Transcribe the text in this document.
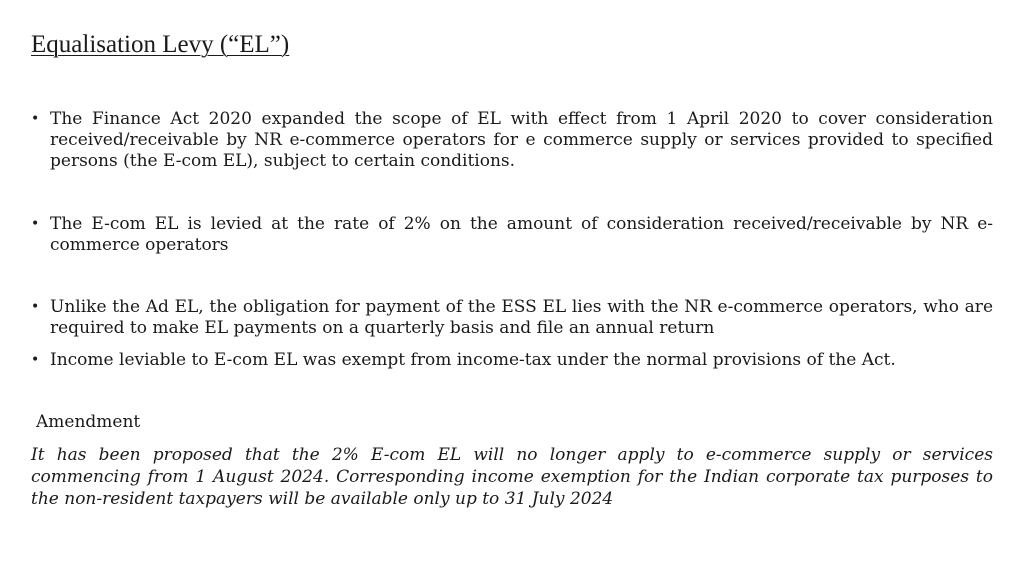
Equalisation Levy (“EL”)
• The Finance Act 2020 expanded the scope of EL with effect from 1 April 2020 to cover consideration received/receivable by NR e-commerce operators for e commerce supply or services provided to specified persons (the E-com EL), subject to certain conditions.
• The E-com EL is levied at the rate of 2% on the amount of consideration received/receivable by NR e-commerce operators
• Unlike the Ad EL, the obligation for payment of the ESS EL lies with the NR e-commerce operators, who are required to make EL payments on a quarterly basis and file an annual return
• Income leviable to E-com EL was exempt from income-tax under the normal provisions of the Act.
Amendment
It has been proposed that the 2% E-com EL will no longer apply to e-commerce supply or services commencing from 1 August 2024. Corresponding income exemption for the Indian corporate tax purposes to the non-resident taxpayers will be available only up to 31 July 2024
